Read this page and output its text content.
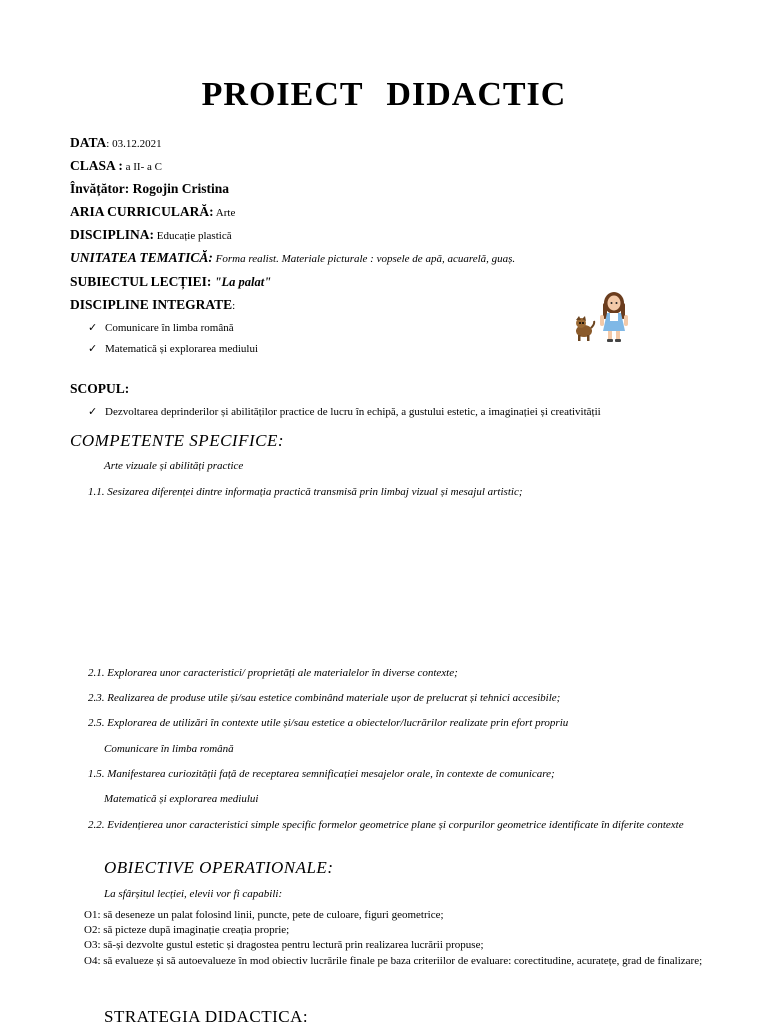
PROIECT DIDACTIC
DATA: 03.12.2021
CLASA : a II- a C
Învățător: Rogojin Cristina
ARIA CURRICULARĂ: Arte
DISCIPLINA: Educație plastică
UNITATEA TEMATICĂ: Forma realist. Materiale picturale : vopsele de apă, acuarelă, guaș.
SUBIECTUL LECȚIEI: "La palat"
DISCIPLINE INTEGRATE:
✓ Comunicare în limba română
✓ Matematică și explorarea mediului
SCOPUL:
✓ Dezvoltarea deprinderilor și abilităților practice de lucru în echipă, a gustului estetic, a imaginației și creativității
COMPETENTE SPECIFICE:
Arte vizuale și abilități practice
1.1. Sesizarea diferenței dintre informația practică transmisă prin limbaj vizual și mesajul artistic;
2.1. Explorarea unor caracteristici/ proprietăți ale materialelor în diverse contexte;
2.3. Realizarea de produse utile și/sau estetice combinând materiale ușor de prelucrat și tehnici accesibile;
2.5. Explorarea de utilizări în contexte utile și/sau estetice a obiectelor/lucrărilor realizate prin efort propriu
Comunicare în limba română
1.5. Manifestarea curiozității față de receptarea semnificației mesajelor orale, în contexte de comunicare;
Matematică și explorarea mediului
2.2. Evidențierea unor caracteristici simple specific formelor geometrice plane și corpurilor geometrice identificate în diferite contexte
OBIECTIVE OPERATIONALE:
La sfârșitul lecției, elevii vor fi capabili:
O1: să deseneze un palat folosind linii, puncte, pete de culoare, figuri geometrice;
O2: să picteze după imaginație creația proprie;
O3: să-și dezvolte gustul estetic și dragostea pentru lectură prin realizarea lucrării propuse;
O4: să evalueze și să autoevalueze în mod obiectiv lucrările finale pe baza criteriilor de evaluare: corectitudine, acuratețe, grad de finalizare;
STRATEGIA DIDACTICA:
